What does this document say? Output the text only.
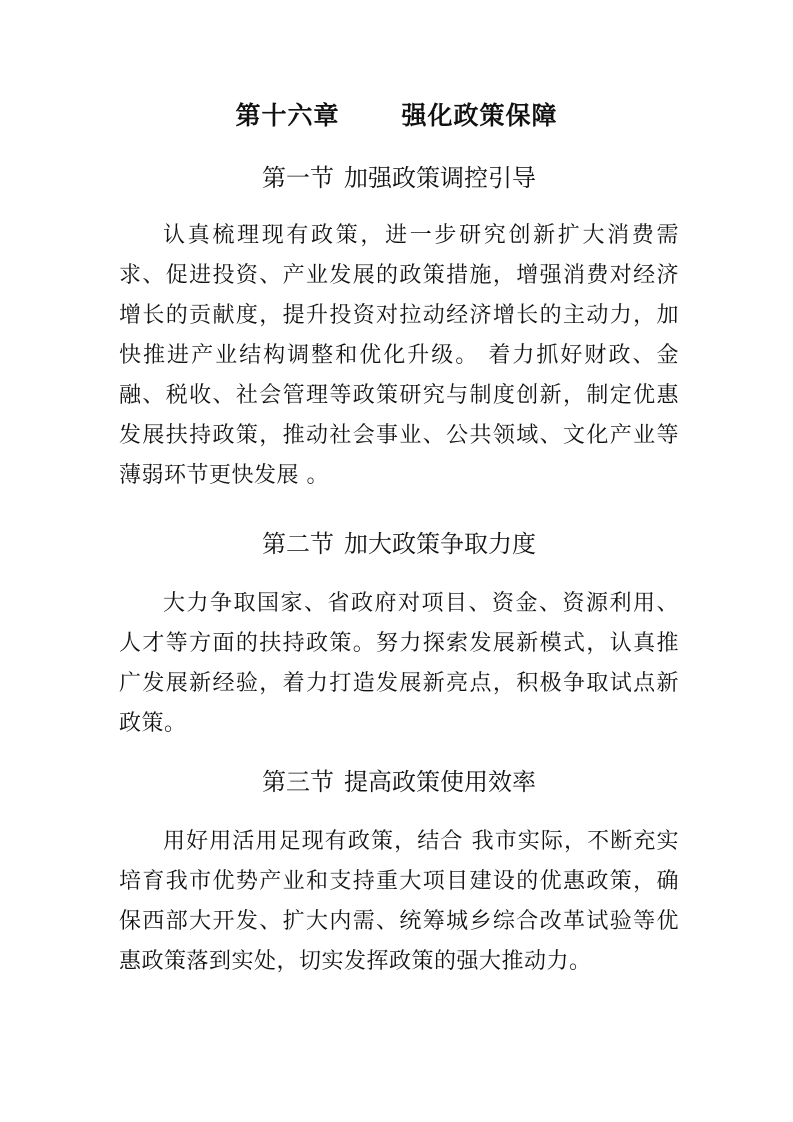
第十六章 强化政策保障
第一节 加强政策调控引导

认真梳理现有政策，进一步研究创新扩大消费需求、促进投资、产业发展的政策措施，增强消费对经济增长的贡献度，提升投资对拉动经济增长的主动力，加快推进产业结构调整和优化升级。 着力抓好财政、金融、税收、社会管理等政策研究与制度创新，制定优惠发展扶持政策，推动社会事业、公共领域、文化产业等薄弱环节更快发展 。

第二节 加大政策争取力度

大力争取国家、省政府对项目、资金、资源利用、人才等方面的扶持政策。努力探索发展新模式，认真推广发展新经验，着力打造发展新亮点，积极争取试点新政策。

第三节 提高政策使用效率

用好用活用足现有政策，结合 我市实际，不断充实培育我市优势产业和支持重大项目建设的优惠政策，确保西部大开发、扩大内需、统筹城乡综合改革试验等优惠政策落到实处，切实发挥政策的强大推动力。
